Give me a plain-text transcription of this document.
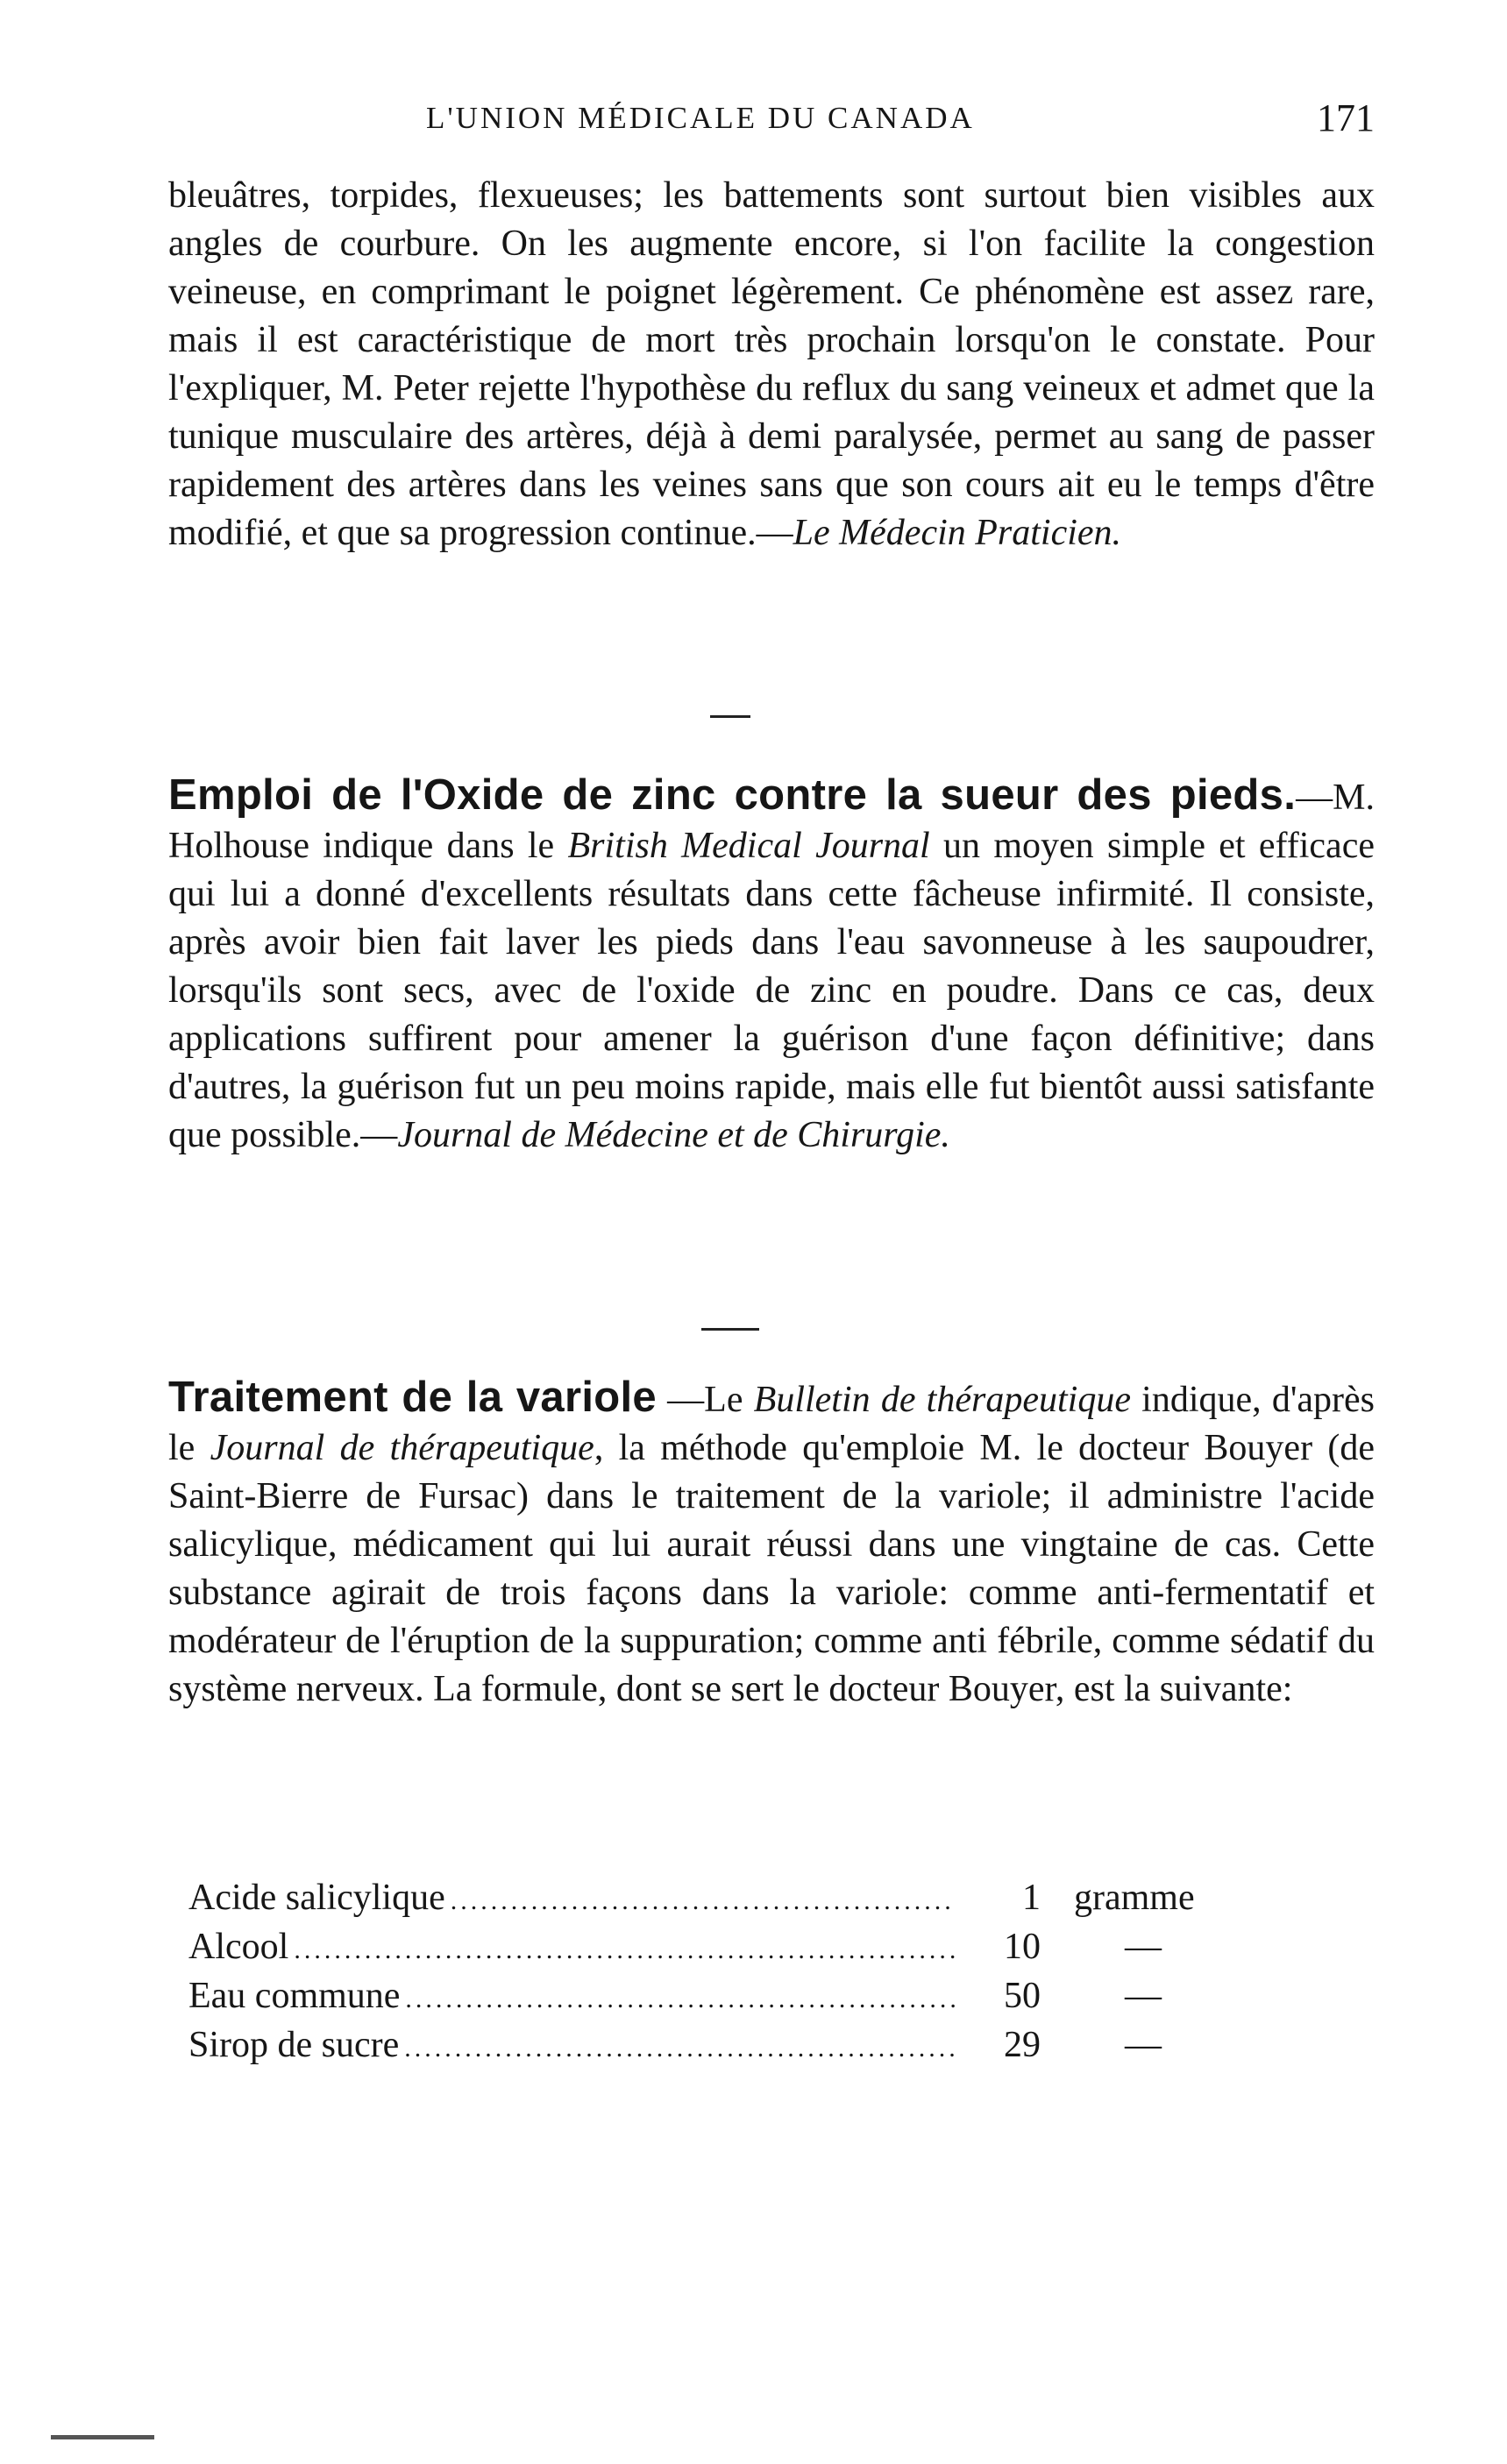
L'UNION MÉDICALE DU CANADA	171
bleuâtres, torpides, flexueuses; les battements sont surtout bien visibles aux angles de courbure. On les augmente encore, si l'on facilite la congestion veineuse, en comprimant le poignet légèrement. Ce phénomène est assez rare, mais il est caractéristique de mort très prochain lorsqu'on le constate. Pour l'expliquer, M. Peter rejette l'hypothèse du reflux du sang veineux et admet que la tunique musculaire des artères, déjà à demi paralysée, permet au sang de passer rapidement des artères dans les veines sans que son cours ait eu le temps d'être modifié, et que sa progression continue.—Le Médecin Praticien.
Emploi de l'Oxide de zinc contre la sueur des pieds.—M. Holhouse indique dans le British Medical Journal un moyen simple et efficace qui lui a donné d'excellents résultats dans cette fâcheuse infirmité. Il consiste, après avoir bien fait laver les pieds dans l'eau savonneuse à les saupoudrer, lorsqu'ils sont secs, avec de l'oxide de zinc en poudre. Dans ce cas, deux applications suffirent pour amener la guérison d'une façon définitive; dans d'autres, la guérison fut un peu moins rapide, mais elle fut bientôt aussi satisfante que possible.—Journal de Médecine et de Chirurgie.
Traitement de la variole —Le Bulletin de thérapeutique indique, d'après le Journal de thérapeutique, la méthode qu'emploie M. le docteur Bouyer (de Saint-Bierre de Fursac) dans le traitement de la variole; il administre l'acide salicylique, médicament qui lui aurait réussi dans une vingtaine de cas. Cette substance agirait de trois façons dans la variole: comme anti-fermentatif et modérateur de l'éruption de la suppuration; comme anti fébrile, comme sédatif du système nerveux. La formule, dont se sert le docteur Bouyer, est la suivante:
Acide salicylique .....	1 gramme
Alcool .....	10	—
Eau commune .....	50	—
Sirop de sucre .....	29	—
